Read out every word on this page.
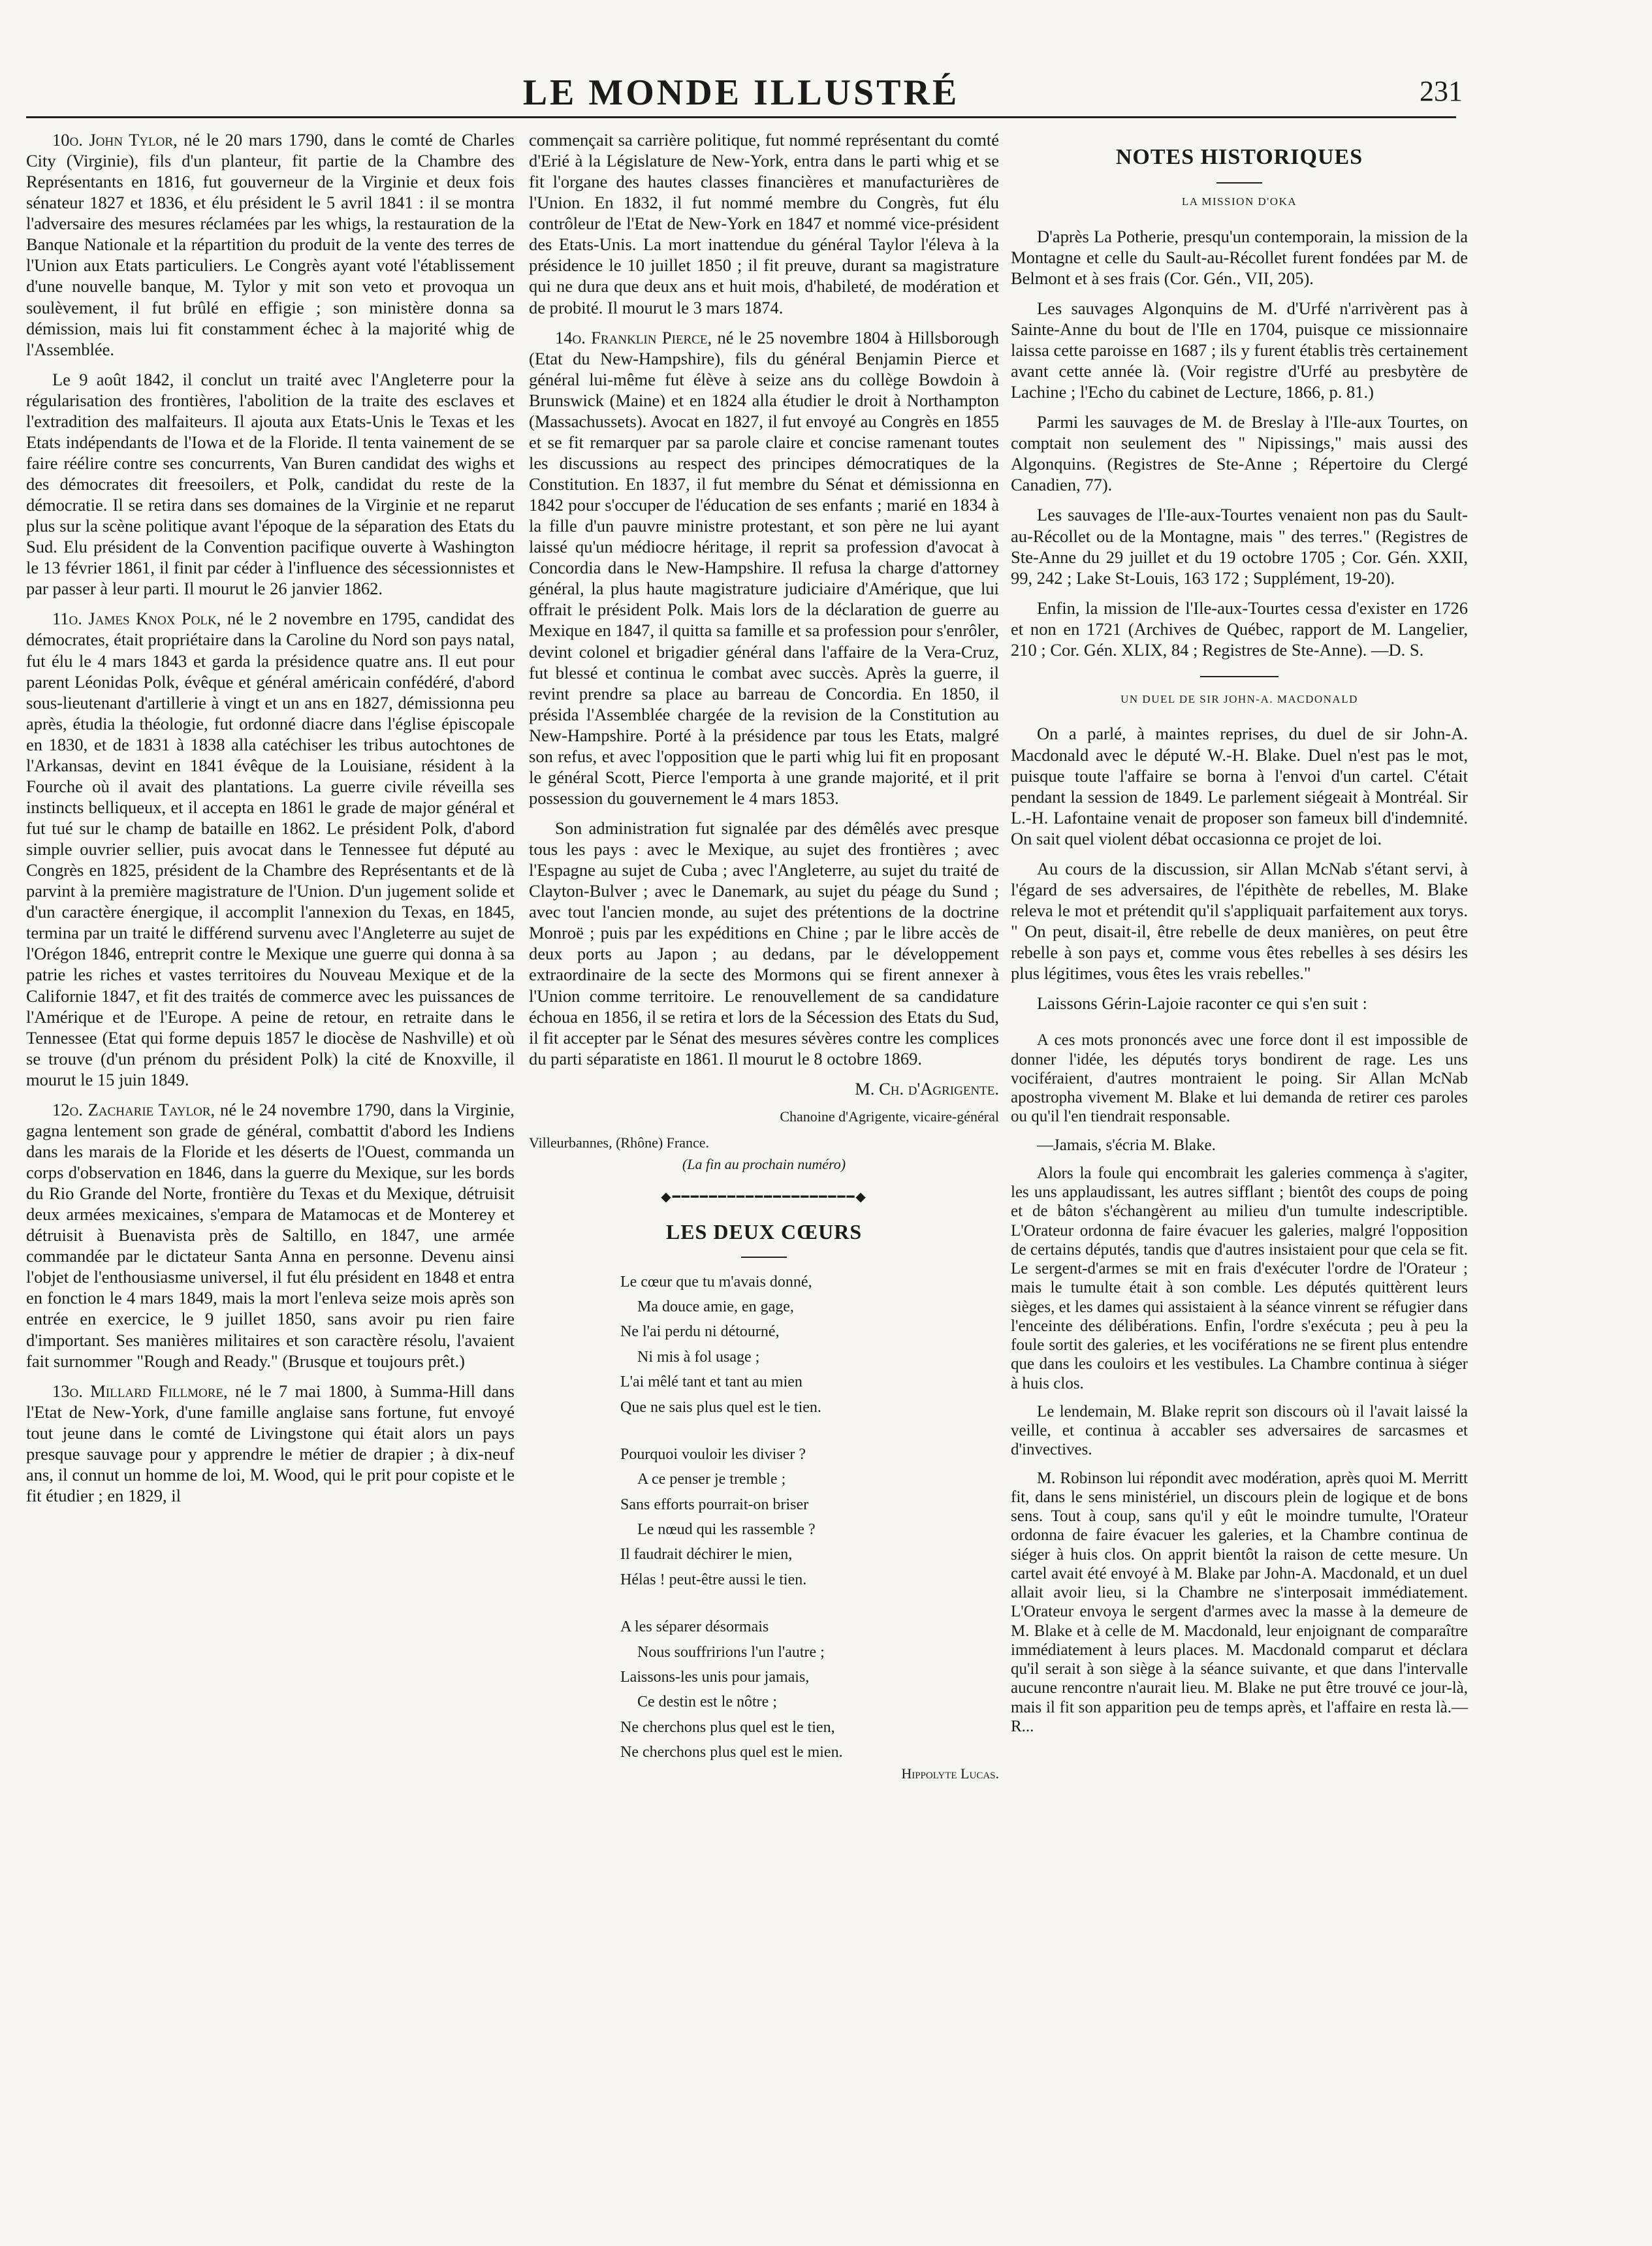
LE MONDE ILLUSTRÉ	231

10o. John Tylor, né le 20 mars 1790, dans le comté de Charles City (Virginie), fils d'un planteur, fit partie de la Chambre des Représentants en 1816, fut gouverneur de la Virginie et deux fois sénateur 1827 et 1836, et élu président le 5 avril 1841 : il se montra l'adversaire des mesures réclamées par les whigs, la restauration de la Banque Nationale et la répartition du produit de la vente des terres de l'Union aux Etats particuliers. Le Congrès ayant voté l'établissement d'une nouvelle banque, M. Tylor y mit son veto et provoqua un soulèvement, il fut brûlé en effigie ; son ministère donna sa démission, mais lui fit constamment échec à la majorité whig de l'Assemblée.

Le 9 août 1842, il conclut un traité avec l'Angleterre pour la régularisation des frontières, l'abolition de la traite des esclaves et l'extradition des malfaiteurs. Il ajouta aux Etats-Unis le Texas et les Etats indépendants de l'Iowa et de la Floride. Il tenta vainement de se faire réélire contre ses concurrents, Van Buren candidat des wighs et des démocrates dit freesoilers, et Polk, candidat du reste de la démocratie. Il se retira dans ses domaines de la Virginie et ne reparut plus sur la scène politique avant l'époque de la séparation des Etats du Sud. Elu président de la Convention pacifique ouverte à Washington le 13 février 1861, il finit par céder à l'influence des sécessionnistes et par passer à leur parti. Il mourut le 26 janvier 1862.

11o. James Knox Polk, né le 2 novembre en 1795, candidat des démocrates, était propriétaire dans la Caroline du Nord son pays natal, fut élu le 4 mars 1843 et garda la présidence quatre ans. Il eut pour parent Léonidas Polk, évêque et général américain confédéré, d'abord sous-lieutenant d'artillerie à vingt et un ans en 1827, démissionna peu après, étudia la théologie, fut ordonné diacre dans l'église épiscopale en 1830, et de 1831 à 1838 alla catéchiser les tribus autochtones de l'Arkansas, devint en 1841 évêque de la Louisiane, résident à la Fourche où il avait des plantations. La guerre civile réveilla ses instincts belliqueux, et il accepta en 1861 le grade de major général et fut tué sur le champ de bataille en 1862. Le président Polk, d'abord simple ouvrier sellier, puis avocat dans le Tennessee fut député au Congrès en 1825, président de la Chambre des Représentants et de là parvint à la première magistrature de l'Union. D'un jugement solide et d'un caractère énergique, il accomplit l'annexion du Texas, en 1845, termina par un traité le différend survenu avec l'Angleterre au sujet de l'Orégon 1846, entreprit contre le Mexique une guerre qui donna à sa patrie les riches et vastes territoires du Nouveau Mexique et de la Californie 1847, et fit des traités de commerce avec les puissances de l'Amérique et de l'Europe. A peine de retour, en retraite dans le Tennessee (Etat qui forme depuis 1857 le diocèse de Nashville) et où se trouve (d'un prénom du président Polk) la cité de Knoxville, il mourut le 15 juin 1849.

12o. Zacharie Taylor, né le 24 novembre 1790, dans la Virginie, gagna lentement son grade de général, combattit d'abord les Indiens dans les marais de la Floride et les déserts de l'Ouest, commanda un corps d'observation en 1846, dans la guerre du Mexique, sur les bords du Rio Grande del Norte, frontière du Texas et du Mexique, détruisit deux armées mexicaines, s'empara de Matamocas et de Monterey et détruisit à Buenavista près de Saltillo, en 1847, une armée commandée par le dictateur Santa Anna en personne. Devenu ainsi l'objet de l'enthousiasme universel, il fut élu président en 1848 et entra en fonction le 4 mars 1849, mais la mort l'enleva seize mois après son entrée en exercice, le 9 juillet 1850, sans avoir pu rien faire d'important. Ses manières militaires et son caractère résolu, l'avaient fait surnommer "Rough and Ready." (Brusque et toujours prêt.)

13o. Millard Fillmore, né le 7 mai 1800, à Summa-Hill dans l'Etat de New-York, d'une famille anglaise sans fortune, fut envoyé tout jeune dans le comté de Livingstone qui était alors un pays presque sauvage pour y apprendre le métier de drapier ; à dix-neuf ans, il connut un homme de loi, M. Wood, qui le prit pour copiste et le fit étudier ; en 1829, il

commençait sa carrière politique, fut nommé représentant du comté d'Erié à la Législature de New-York, entra dans le parti whig et se fit l'organe des hautes classes financières et manufacturières de l'Union. En 1832, il fut nommé membre du Congrès, fut élu contrôleur de l'Etat de New-York en 1847 et nommé vice-président des Etats-Unis. La mort inattendue du général Taylor l'éleva à la présidence le 10 juillet 1850 ; il fit preuve, durant sa magistrature qui ne dura que deux ans et huit mois, d'habileté, de modération et de probité. Il mourut le 3 mars 1874.

14o. Franklin Pierce, né le 25 novembre 1804 à Hillsborough (Etat du New-Hampshire), fils du général Benjamin Pierce et général lui-même fut élève à seize ans du collège Bowdoin à Brunswick (Maine) et en 1824 alla étudier le droit à Northampton (Massachussets). Avocat en 1827, il fut envoyé au Congrès en 1855 et se fit remarquer par sa parole claire et concise ramenant toutes les discussions au respect des principes démocratiques de la Constitution. En 1837, il fut membre du Sénat et démissionna en 1842 pour s'occuper de l'éducation de ses enfants ; marié en 1834 à la fille d'un pauvre ministre protestant, et son père ne lui ayant laissé qu'un médiocre héritage, il reprit sa profession d'avocat à Concordia dans le New-Hampshire. Il refusa la charge d'attorney général, la plus haute magistrature judiciaire d'Amérique, que lui offrait le président Polk. Mais lors de la déclaration de guerre au Mexique en 1847, il quitta sa famille et sa profession pour s'enrôler, devint colonel et brigadier général dans l'affaire de la Vera-Cruz, fut blessé et continua le combat avec succès. Après la guerre, il revint prendre sa place au barreau de Concordia. En 1850, il présida l'Assemblée chargée de la revision de la Constitution au New-Hampshire. Porté à la présidence par tous les Etats, malgré son refus, et avec l'opposition que le parti whig lui fit en proposant le général Scott, Pierce l'emporta à une grande majorité, et il prit possession du gouvernement le 4 mars 1853.

Son administration fut signalée par des démêlés avec presque tous les pays : avec le Mexique, au sujet des frontières ; avec l'Espagne au sujet de Cuba ; avec l'Angleterre, au sujet du traité de Clayton-Bulver ; avec le Danemark, au sujet du péage du Sund ; avec tout l'ancien monde, au sujet des prétentions de la doctrine Monroë ; puis par les expéditions en Chine ; par le libre accès de deux ports au Japon ; au dedans, par le développement extraordinaire de la secte des Mormons qui se firent annexer à l'Union comme territoire. Le renouvellement de sa candidature échoua en 1856, il se retira et lors de la Sécession des Etats du Sud, il fit accepter par le Sénat des mesures sévères contre les complices du parti séparatiste en 1861. Il mourut le 8 octobre 1869.

M. Ch. d'Agrigente.

Chanoine d'Agrigente, vicaire-général

Villeurbannes, (Rhône) France.

(La fin au prochain numéro)

◆━━━━━━━━━━━━━━━━━━━━◆
LES DEUX CŒURS
Le cœur que tu m'avais donné,
Ma douce amie, en gage,
Ne l'ai perdu ni détourné,
Ni mis à fol usage ;
L'ai mêlé tant et tant au mien
Que ne sais plus quel est le tien.
Pourquoi vouloir les diviser ?
A ce penser je tremble ;
Sans efforts pourrait-on briser
Le nœud qui les rassemble ?
Il faudrait déchirer le mien,
Hélas ! peut-être aussi le tien.
A les séparer désormais
Nous souffririons l'un l'autre ;
Laissons-les unis pour jamais,
Ce destin est le nôtre ;
Ne cherchons plus quel est le tien,
Ne cherchons plus quel est le mien.

Hippolyte Lucas.

NOTES HISTORIQUES
LA MISSION D'OKA

D'après La Potherie, presqu'un contemporain, la mission de la Montagne et celle du Sault-au-Récollet furent fondées par M. de Belmont et à ses frais (Cor. Gén., VII, 205).

Les sauvages Algonquins de M. d'Urfé n'arrivèrent pas à Sainte-Anne du bout de l'Ile en 1704, puisque ce missionnaire laissa cette paroisse en 1687 ; ils y furent établis très certainement avant cette année là. (Voir registre d'Urfé au presbytère de Lachine ; l'Echo du cabinet de Lecture, 1866, p. 81.)

Parmi les sauvages de M. de Breslay à l'Ile-aux Tourtes, on comptait non seulement des " Nipissings," mais aussi des Algonquins. (Registres de Ste-Anne ; Répertoire du Clergé Canadien, 77).

Les sauvages de l'Ile-aux-Tourtes venaient non pas du Sault-au-Récollet ou de la Montagne, mais " des terres." (Registres de Ste-Anne du 29 juillet et du 19 octobre 1705 ; Cor. Gén. XXII, 99, 242 ; Lake St-Louis, 163 172 ; Supplément, 19-20).

Enfin, la mission de l'Ile-aux-Tourtes cessa d'exister en 1726 et non en 1721 (Archives de Québec, rapport de M. Langelier, 210 ; Cor. Gén. XLIX, 84 ; Registres de Ste-Anne). —D. S.

UN DUEL DE SIR JOHN-A. MACDONALD

On a parlé, à maintes reprises, du duel de sir John-A. Macdonald avec le député W.-H. Blake. Duel n'est pas le mot, puisque toute l'affaire se borna à l'envoi d'un cartel. C'était pendant la session de 1849. Le parlement siégeait à Montréal. Sir L.-H. Lafontaine venait de proposer son fameux bill d'indemnité. On sait quel violent débat occasionna ce projet de loi.

Au cours de la discussion, sir Allan McNab s'étant servi, à l'égard de ses adversaires, de l'épithète de rebelles, M. Blake releva le mot et prétendit qu'il s'appliquait parfaitement aux torys. " On peut, disait-il, être rebelle de deux manières, on peut être rebelle à son pays et, comme vous êtes rebelles à ses désirs les plus légitimes, vous êtes les vrais rebelles."

Laissons Gérin-Lajoie raconter ce qui s'en suit :

A ces mots prononcés avec une force dont il est impossible de donner l'idée, les députés torys bondirent de rage. Les uns vociféraient, d'autres montraient le poing. Sir Allan McNab apostropha vivement M. Blake et lui demanda de retirer ces paroles ou qu'il l'en tiendrait responsable.

—Jamais, s'écria M. Blake.

Alors la foule qui encombrait les galeries commença à s'agiter, les uns applaudissant, les autres sifflant ; bientôt des coups de poing et de bâton s'échangèrent au milieu d'un tumulte indescriptible. L'Orateur ordonna de faire évacuer les galeries, malgré l'opposition de certains députés, tandis que d'autres insistaient pour que cela se fit. Le sergent-d'armes se mit en frais d'exécuter l'ordre de l'Orateur ; mais le tumulte était à son comble. Les députés quittèrent leurs sièges, et les dames qui assistaient à la séance vinrent se réfugier dans l'enceinte des délibérations. Enfin, l'ordre s'exécuta ; peu à peu la foule sortit des galeries, et les vociférations ne se firent plus entendre que dans les couloirs et les vestibules. La Chambre continua à siéger à huis clos.

Le lendemain, M. Blake reprit son discours où il l'avait laissé la veille, et continua à accabler ses adversaires de sarcasmes et d'invectives.

M. Robinson lui répondit avec modération, après quoi M. Merritt fit, dans le sens ministériel, un discours plein de logique et de bons sens. Tout à coup, sans qu'il y eût le moindre tumulte, l'Orateur ordonna de faire évacuer les galeries, et la Chambre continua de siéger à huis clos. On apprit bientôt la raison de cette mesure. Un cartel avait été envoyé à M. Blake par John-A. Macdonald, et un duel allait avoir lieu, si la Chambre ne s'interposait immédiatement. L'Orateur envoya le sergent d'armes avec la masse à la demeure de M. Blake et à celle de M. Macdonald, leur enjoignant de comparaître immédiatement à leurs places. M. Macdonald comparut et déclara qu'il serait à son siège à la séance suivante, et que dans l'intervalle aucune rencontre n'aurait lieu. M. Blake ne put être trouvé ce jour-là, mais il fit son apparition peu de temps après, et l'affaire en resta là.—R...
